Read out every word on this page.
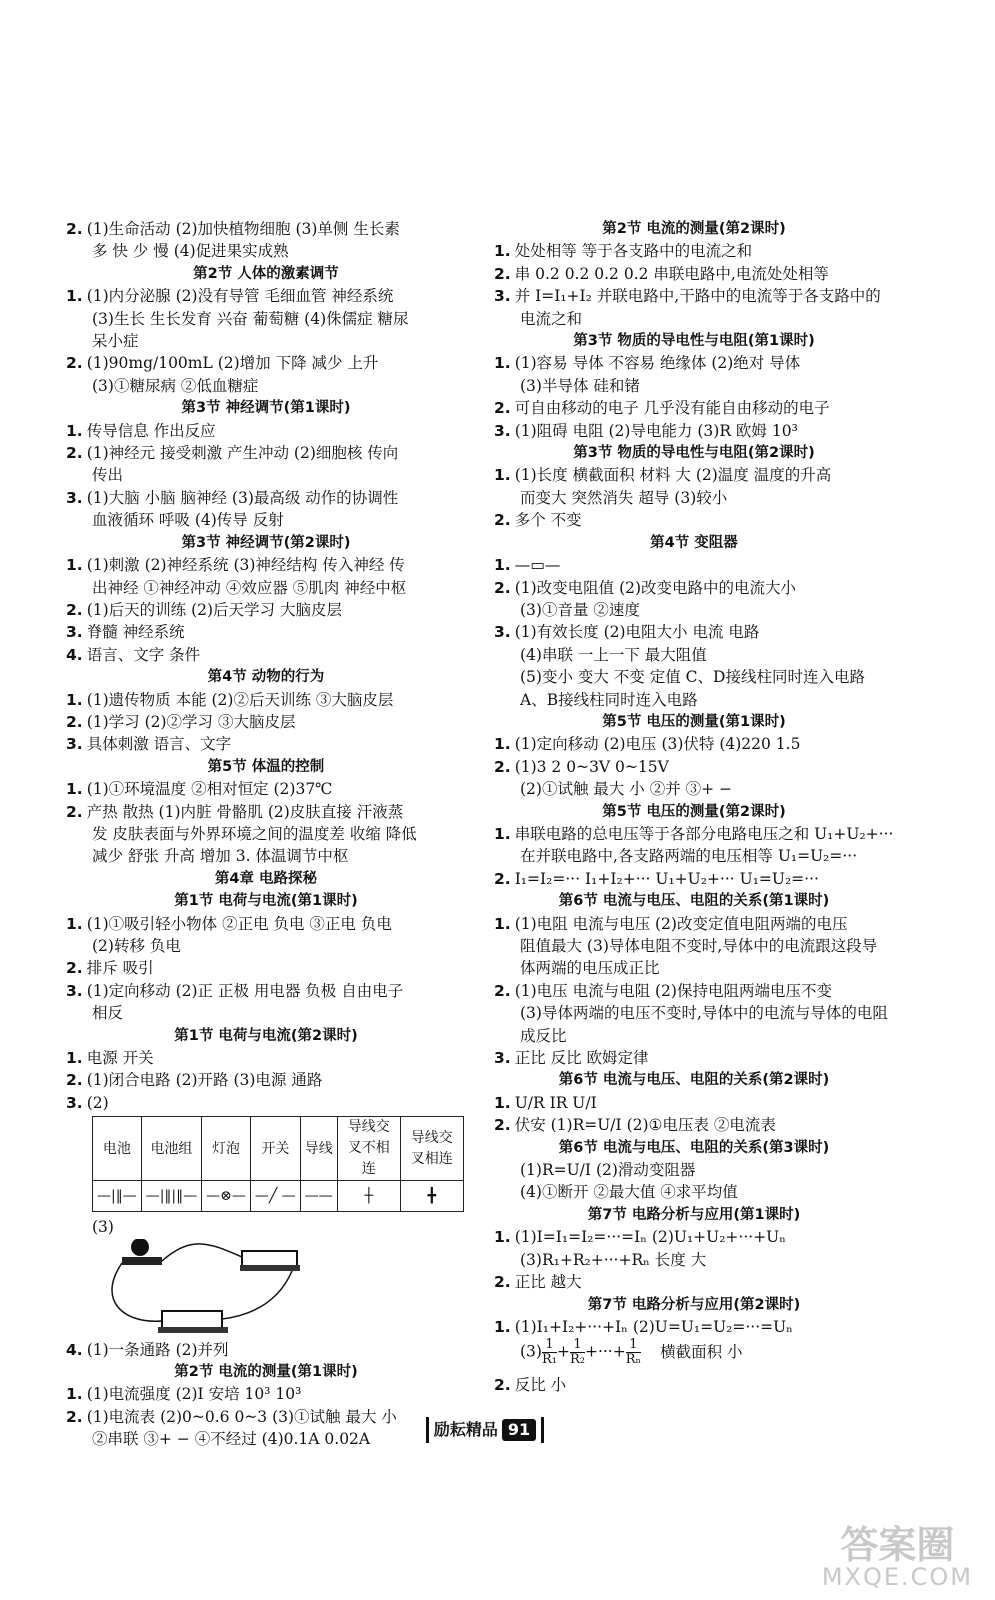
2. (1)生命活动 (2)加快植物细胞 (3)单侧 生长素
多 快 少 慢 (4)促进果实成熟
第2节 人体的激素调节
1. (1)内分泌腺 (2)没有导管 毛细血管 神经系统
(3)生长 生长发育 兴奋 葡萄糖 (4)侏儒症 糖尿
呆小症
2. (1)90mg/100mL (2)增加 下降 减少 上升
(3)①糖尿病 ②低血糖症
第3节 神经调节(第1课时)
1. 传导信息 作出反应
2. (1)神经元 接受刺激 产生冲动 (2)细胞核 传向
传出
3. (1)大脑 小脑 脑神经 (3)最高级 动作的协调性
血液循环 呼吸 (4)传导 反射
第3节 神经调节(第2课时)
1. (1)刺激 (2)神经系统 (3)神经结构 传入神经 传
出神经 ①神经冲动 ④效应器 ⑤肌肉 神经中枢
2. (1)后天的训练 (2)后天学习 大脑皮层
3. 脊髓 神经系统
4. 语言、文字 条件
第4节 动物的行为
1. (1)遗传物质 本能 (2)②后天训练 ③大脑皮层
2. (1)学习 (2)②学习 ③大脑皮层
3. 具体刺激 语言、文字
第5节 体温的控制
1. (1)①环境温度 ②相对恒定 (2)37℃
2. 产热 散热 (1)内脏 骨骼肌 (2)皮肤直接 汗液蒸
发 皮肤表面与外界环境之间的温度差 收缩 降低
减少 舒张 升高 增加 3. 体温调节中枢
第4章 电路探秘
第1节 电荷与电流(第1课时)
1. (1)①吸引轻小物体 ②正电 负电 ③正电 负电
(2)转移 负电
2. 排斥 吸引
3. (1)定向移动 (2)正 正极 用电器 负极 自由电子
相反
第1节 电荷与电流(第2课时)
1. 电源 开关
2. (1)闭合电路 (2)开路 (3)电源 通路
3. (2)
电池	电池组	灯泡	开关	导线	导线交叉不相连	导线交叉相连
—|‖—	—|‖|‖—	—⊗—	—╱ —	——	┼	╋
(3)
4. (1)一条通路 (2)并列
第2节 电流的测量(第1课时)
1. (1)电流强度 (2)I 安培 10³ 10³
2. (1)电流表 (2)0~0.6 0~3 (3)①试触 最大 小
②串联 ③+ − ④不经过 (4)0.1A 0.02A
第2节 电流的测量(第2课时)
1. 处处相等 等于各支路中的电流之和
2. 串 0.2 0.2 0.2 0.2 串联电路中,电流处处相等
3. 并 I=I₁+I₂ 并联电路中,干路中的电流等于各支路中的
电流之和
第3节 物质的导电性与电阻(第1课时)
1. (1)容易 导体 不容易 绝缘体 (2)绝对 导体
(3)半导体 硅和锗
2. 可自由移动的电子 几乎没有能自由移动的电子
3. (1)阻碍 电阻 (2)导电能力 (3)R 欧姆 10³
第3节 物质的导电性与电阻(第2课时)
1. (1)长度 横截面积 材料 大 (2)温度 温度的升高
而变大 突然消失 超导 (3)较小
2. 多个 不变
第4节 变阻器
1. —▭—
2. (1)改变电阻值 (2)改变电路中的电流大小
(3)①音量 ②速度
3. (1)有效长度 (2)电阻大小 电流 电路
(4)串联 一上一下 最大阻值
(5)变小 变大 不变 定值 C、D接线柱同时连入电路
A、B接线柱同时连入电路
第5节 电压的测量(第1课时)
1. (1)定向移动 (2)电压 (3)伏特 (4)220 1.5
2. (1)3 2 0~3V 0~15V
(2)①试触 最大 小 ②并 ③+ −
第5节 电压的测量(第2课时)
1. 串联电路的总电压等于各部分电路电压之和 U₁+U₂+···
在并联电路中,各支路两端的电压相等 U₁=U₂=···
2. I₁=I₂=··· I₁+I₂+··· U₁+U₂+··· U₁=U₂=···
第6节 电流与电压、电阻的关系(第1课时)
1. (1)电阻 电流与电压 (2)改变定值电阻两端的电压
阻值最大 (3)导体电阻不变时,导体中的电流跟这段导
体两端的电压成正比
2. (1)电压 电流与电阻 (2)保持电阻两端电压不变
(3)导体两端的电压不变时,导体中的电流与导体的电阻
成反比
3. 正比 反比 欧姆定律
第6节 电流与电压、电阻的关系(第2课时)
1. U/R IR U/I
2. 伏安 (1)R=U/I (2)①电压表 ②电流表
第6节 电流与电压、电阻的关系(第3课时)
(1)R=U/I (2)滑动变阻器
(4)①断开 ②最大值 ④求平均值
第7节 电路分析与应用(第1课时)
1. (1)I=I₁=I₂=···=Iₙ (2)U₁+U₂+···+Uₙ
(3)R₁+R₂+···+Rₙ 长度 大
2. 正比 越大
第7节 电路分析与应用(第2课时)
1. (1)I₁+I₂+···+Iₙ (2)U=U₁=U₂=···=Uₙ
$(3) \frac{1}{\text{R₁}} + \frac{1}{\text{R₂}}$ +···+ $\frac{1}{\text{Rₙ}}$ 横截面积 小
2. 反比 小
励耘精品 91
答案圈
MXQE.COM
